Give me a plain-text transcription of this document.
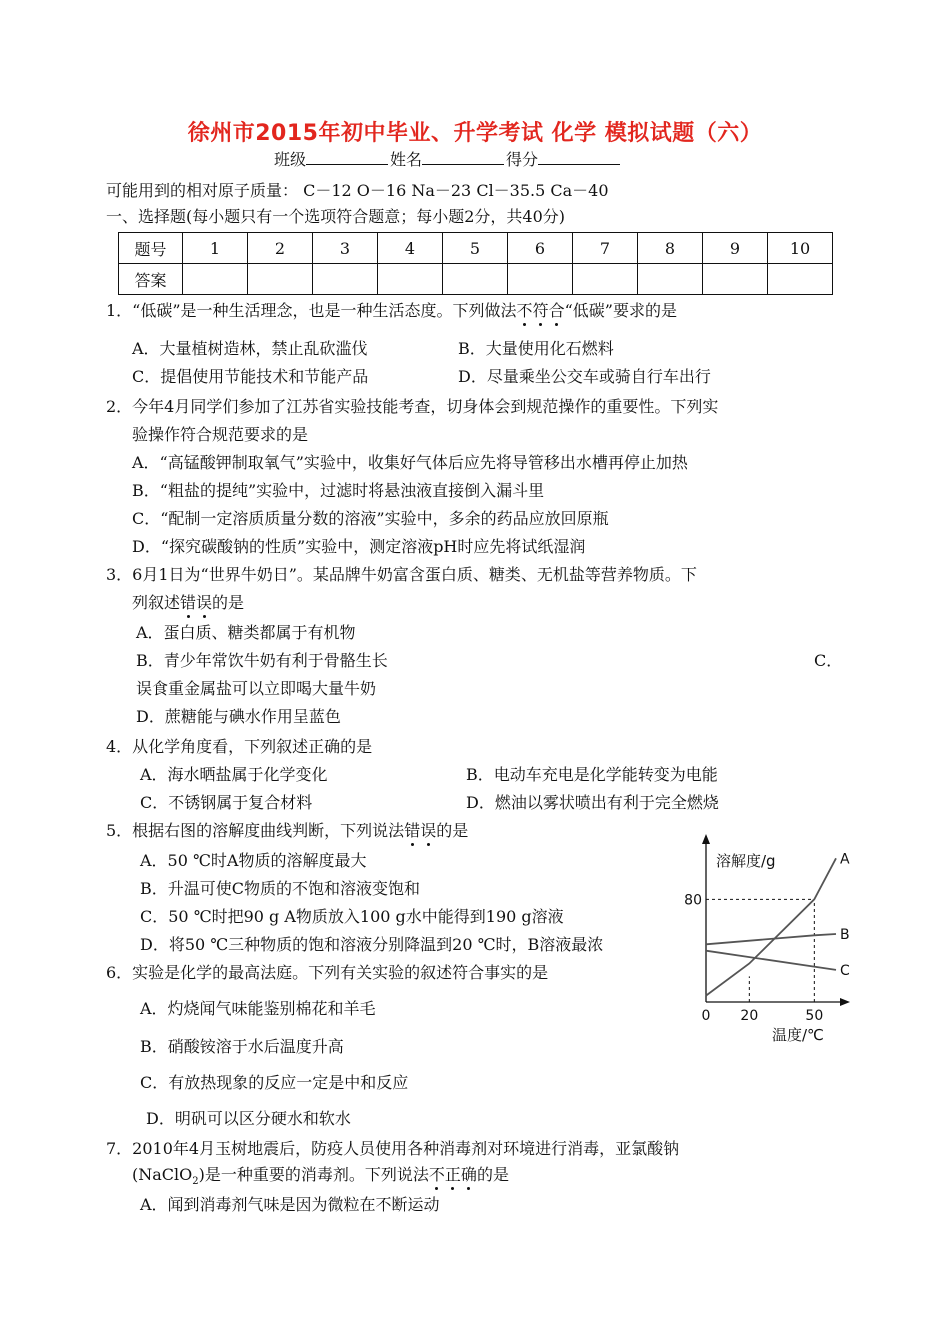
徐州市2015年初中毕业、升学考试 化学 模拟试题（六）
班级	姓名	得分
可能用到的相对原子质量： C－12 O－16 Na－23 Cl－35.5 Ca－40
一、选择题(每小题只有一个选项符合题意；每小题2分，共40分)
题号	1	2	3	4	5	6	7	8	9	10
答案										
1．“低碳”是一种生活理念，也是一种生活态度。下列做法不符合“低碳”要求的是
A．大量植树造林，禁止乱砍滥伐	B．大量使用化石燃料
C．提倡使用节能技术和节能产品	D．尽量乘坐公交车或骑自行车出行
2．今年4月同学们参加了江苏省实验技能考查，切身体会到规范操作的重要性。下列实
验操作符合规范要求的是
A．“高锰酸钾制取氧气”实验中，收集好气体后应先将导管移出水槽再停止加热
B．“粗盐的提纯”实验中，过滤时将悬浊液直接倒入漏斗里
C．“配制一定溶质质量分数的溶液”实验中，多余的药品应放回原瓶
D．“探究碳酸钠的性质”实验中，测定溶液pH时应先将试纸湿润
3．6月1日为“世界牛奶日”。某品牌牛奶富含蛋白质、糖类、无机盐等营养物质。下
列叙述错误的是
A．蛋白质、糖类都属于有机物
B．青少年常饮牛奶有利于骨骼生长	C．
误食重金属盐可以立即喝大量牛奶
D．蔗糖能与碘水作用呈蓝色
4．从化学角度看，下列叙述正确的是
A．海水晒盐属于化学变化	B．电动车充电是化学能转变为电能
C．不锈钢属于复合材料	D．燃油以雾状喷出有利于完全燃烧
5．根据右图的溶解度曲线判断，下列说法错误的是
A．50 ℃时A物质的溶解度最大
B．升温可使C物质的不饱和溶液变饱和
C．50 ℃时把90 g A物质放入100 g水中能得到190 g溶液
D．将50 ℃三种物质的饱和溶液分别降温到20 ℃时，B溶液最浓
溶解度/g
80
0 20	50
温度/℃
A
B
C
6．实验是化学的最高法庭。下列有关实验的叙述符合事实的是
A．灼烧闻气味能鉴别棉花和羊毛
B．硝酸铵溶于水后温度升高
C．有放热现象的反应一定是中和反应
D．明矾可以区分硬水和软水
7．2010年4月玉树地震后，防疫人员使用各种消毒剂对环境进行消毒，亚氯酸钠
(NaClO$_2$)是一种重要的消毒剂。下列说法不正确的是
A．闻到消毒剂气味是因为微粒在不断运动
